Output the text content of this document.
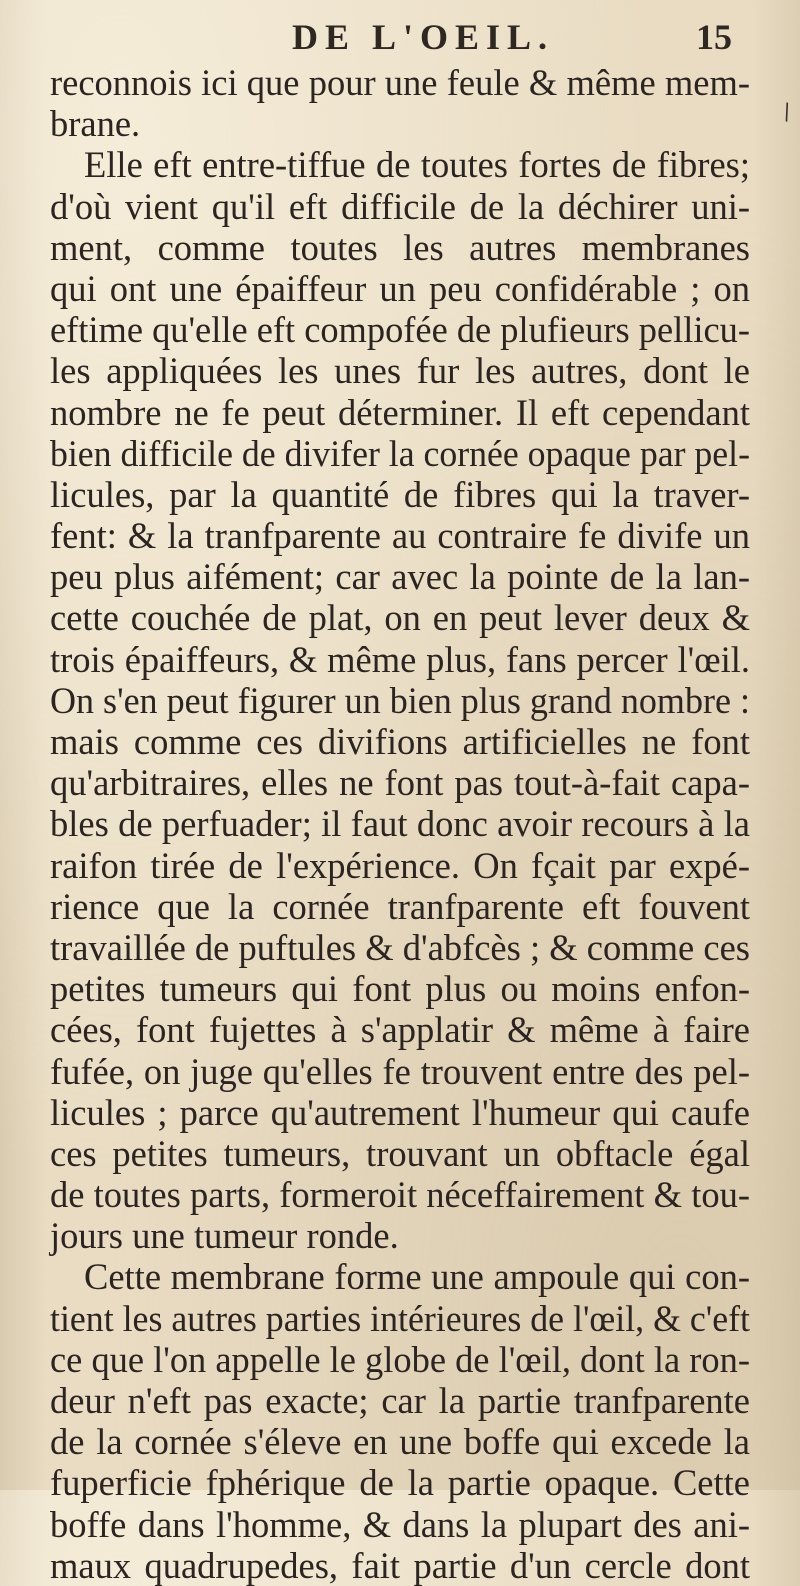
DE L'OEIL.	15
\
reconnois ici que pour une feule & même mem-
brane.
Elle eft entre-tiffue de toutes fortes de fibres;
d'où vient qu'il eft difficile de la déchirer uni-
ment, comme toutes les autres membranes
qui ont une épaiffeur un peu confidérable ; on
eftime qu'elle eft compofée de plufieurs pellicu-
les appliquées les unes fur les autres, dont le
nombre ne fe peut déterminer. Il eft cependant
bien difficile de divifer la cornée opaque par pel-
licules, par la quantité de fibres qui la traver-
fent: & la tranfparente au contraire fe divife un
peu plus aifément; car avec la pointe de la lan-
cette couchée de plat, on en peut lever deux &
trois épaiffeurs, & même plus, fans percer l'œil.
On s'en peut figurer un bien plus grand nombre :
mais comme ces divifions artificielles ne font
qu'arbitraires, elles ne font pas tout-à-fait capa-
bles de perfuader; il faut donc avoir recours à la
raifon tirée de l'expérience. On fçait par expé-
rience que la cornée tranfparente eft fouvent
travaillée de puftules & d'abfcès ; & comme ces
petites tumeurs qui font plus ou moins enfon-
cées, font fujettes à s'applatir & même à faire
fufée, on juge qu'elles fe trouvent entre des pel-
licules ; parce qu'autrement l'humeur qui caufe
ces petites tumeurs, trouvant un obftacle égal
de toutes parts, formeroit néceffairement & tou-
jours une tumeur ronde.
Cette membrane forme une ampoule qui con-
tient les autres parties intérieures de l'œil, & c'eft
ce que l'on appelle le globe de l'œil, dont la ron-
deur n'eft pas exacte; car la partie tranfparente
de la cornée s'éleve en une boffe qui excede la
fuperficie fphérique de la partie opaque. Cette
boffe dans l'homme, & dans la plupart des ani-
maux quadrupedes, fait partie d'un cercle dont
